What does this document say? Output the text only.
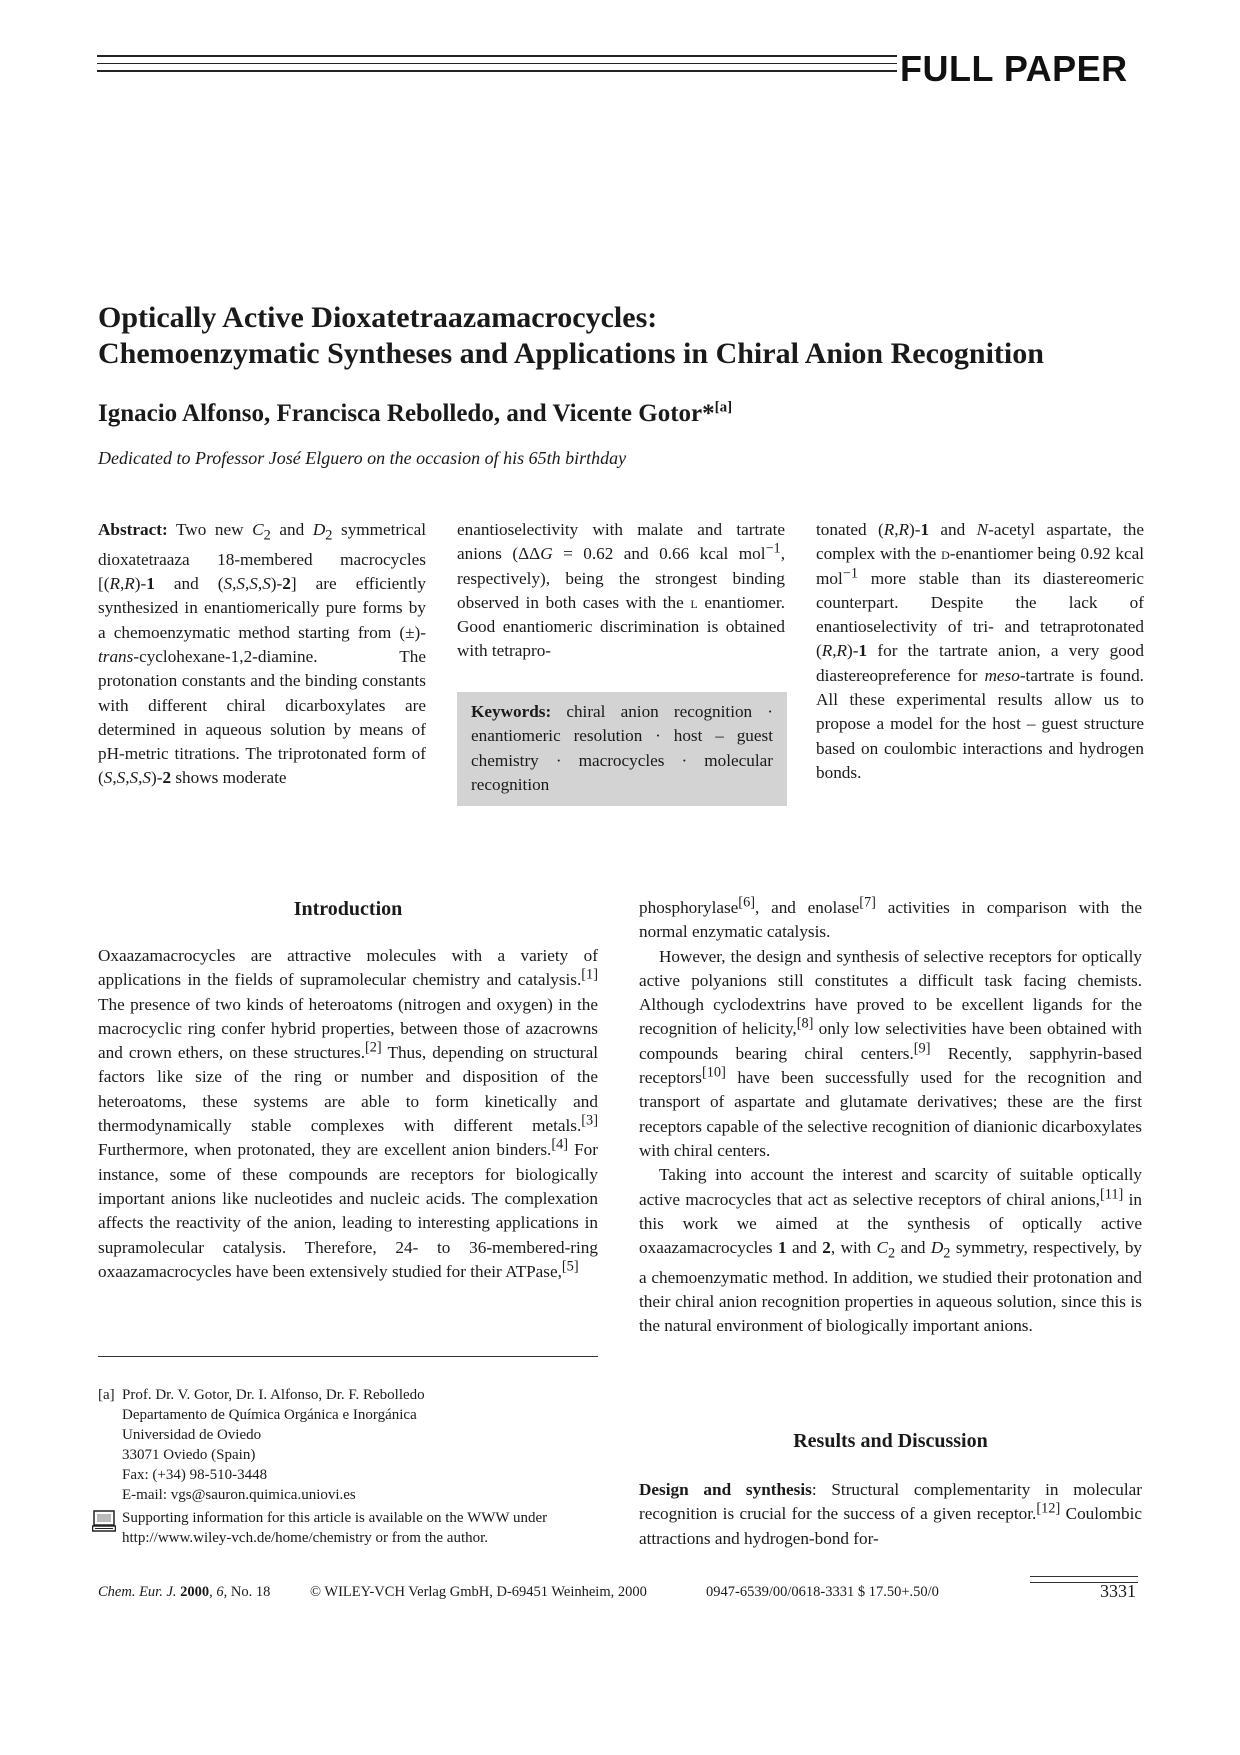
FULL PAPER
Optically Active Dioxatetraazamacrocycles:
Chemoenzymatic Syntheses and Applications in Chiral Anion Recognition
Ignacio Alfonso, Francisca Rebolledo, and Vicente Gotor*[a]
Dedicated to Professor José Elguero on the occasion of his 65th birthday

Abstract: Two new $C_2$ and $D_2$ symmetrical dioxatetraaza 18-membered macrocycles [(R,R)-1 and (S,S,S,S)-2] are efficiently synthesized in enantiomerically pure forms by a chemoenzymatic method starting from (±)-trans-cyclohexane-1,2-diamine. The protonation constants and the binding constants with different chiral dicarboxylates are determined in aqueous solution by means of pH-metric titrations. The triprotonated form of (S,S,S,S)-2 shows moderate

enantioselectivity with malate and tartrate anions (ΔΔG = 0.62 and 0.66 kcal mol$^{-1}$, respectively), being the strongest binding observed in both cases with the l enantiomer. Good enantiomeric discrimination is obtained with tetrapro-

Keywords: chiral anion recognition · enantiomeric resolution · host – guest chemistry · macrocycles · molecular recognition

tonated (R,R)-1 and N-acetyl aspartate, the complex with the d-enantiomer being 0.92 kcal mol$^{-1}$ more stable than its diastereomeric counterpart. Despite the lack of enantioselectivity of tri- and tetraprotonated (R,R)-1 for the tartrate anion, a very good diastereopreference for meso-tartrate is found. All these experimental results allow us to propose a model for the host – guest structure based on coulombic interactions and hydrogen bonds.

Introduction

Oxaazamacrocycles are attractive molecules with a variety of applications in the fields of supramolecular chemistry and catalysis.[1] The presence of two kinds of heteroatoms (nitrogen and oxygen) in the macrocyclic ring confer hybrid properties, between those of azacrowns and crown ethers, on these structures.[2] Thus, depending on structural factors like size of the ring or number and disposition of the heteroatoms, these systems are able to form kinetically and thermodynamically stable complexes with different metals.[3] Furthermore, when protonated, they are excellent anion binders.[4] For instance, some of these compounds are receptors for biologically important anions like nucleotides and nucleic acids. The complexation affects the reactivity of the anion, leading to interesting applications in supramolecular catalysis. Therefore, 24- to 36-membered-ring oxaazamacrocycles have been extensively studied for their ATPase,[5]

phosphorylase[6], and enolase[7] activities in comparison with the normal enzymatic catalysis.

However, the design and synthesis of selective receptors for optically active polyanions still constitutes a difficult task facing chemists. Although cyclodextrins have proved to be excellent ligands for the recognition of helicity,[8] only low selectivities have been obtained with compounds bearing chiral centers.[9] Recently, sapphyrin-based receptors[10] have been successfully used for the recognition and transport of aspartate and glutamate derivatives; these are the first receptors capable of the selective recognition of dianionic dicarboxylates with chiral centers.

Taking into account the interest and scarcity of suitable optically active macrocycles that act as selective receptors of chiral anions,[11] in this work we aimed at the synthesis of optically active oxaazamacrocycles 1 and 2, with $C_2$ and $D_2$ symmetry, respectively, by a chemoenzymatic method. In addition, we studied their protonation and their chiral anion recognition properties in aqueous solution, since this is the natural environment of biologically important anions.

Results and Discussion

Design and synthesis: Structural complementarity in molecular recognition is crucial for the success of a given receptor.[12] Coulombic attractions and hydrogen-bond for-

[a] Prof. Dr. V. Gotor, Dr. I. Alfonso, Dr. F. Rebolledo
Departamento de Química Orgánica e Inorgánica
Universidad de Oviedo
33071 Oviedo (Spain)
Fax: (+34) 98-510-3448
E-mail: vgs@sauron.quimica.uniovi.es
Supporting information for this article is available on the WWW under http://www.wiley-vch.de/home/chemistry or from the author.
Chem. Eur. J. 2000, 6, No. 18	© WILEY-VCH Verlag GmbH, D-69451 Weinheim, 2000	0947-6539/00/0618-3331 $ 17.50+.50/0	3331
